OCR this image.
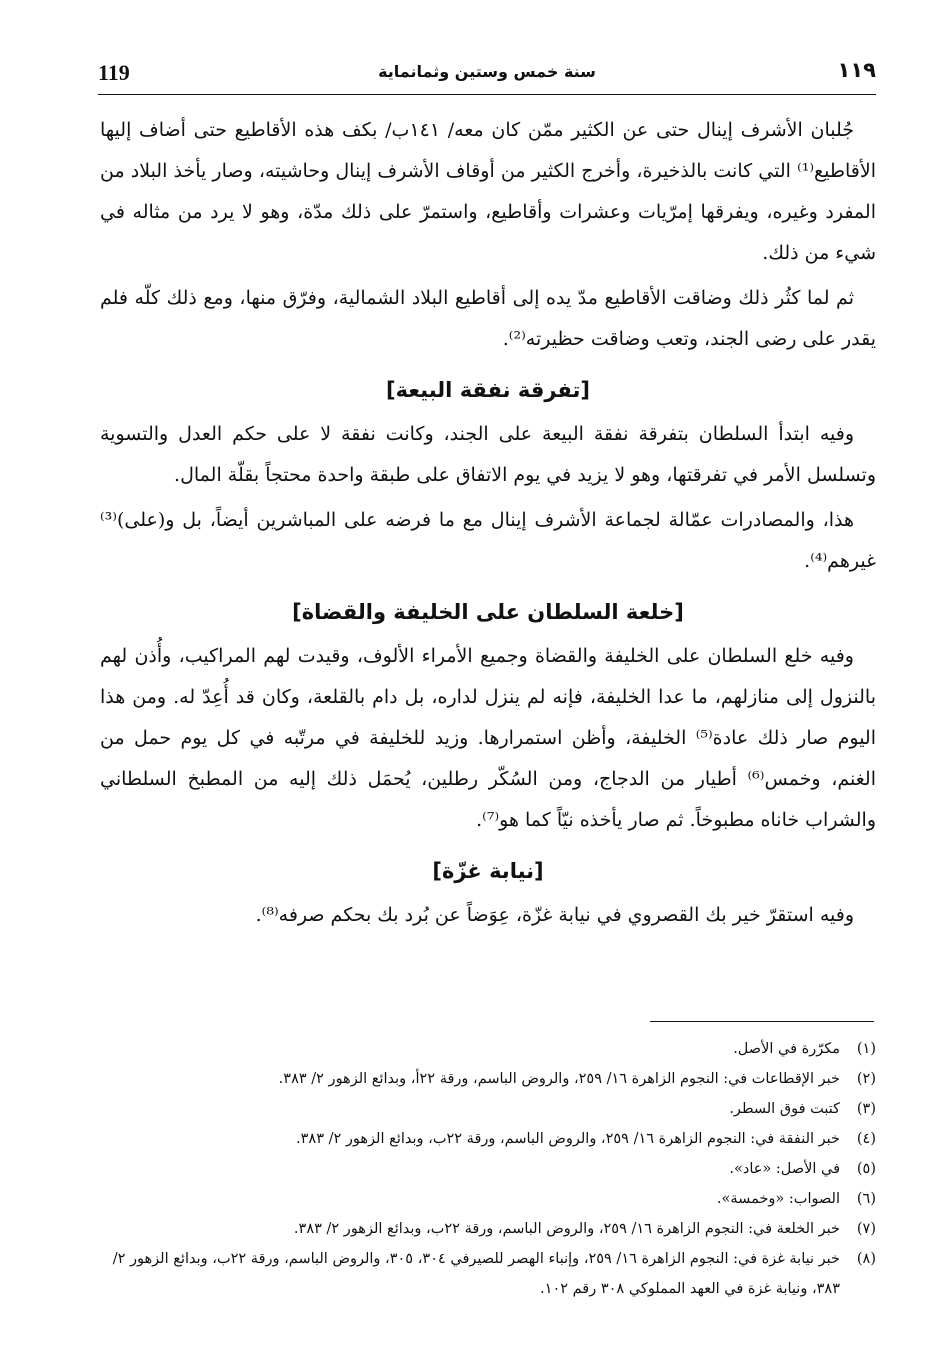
119	سنة خمس وستين وثمانماية	١١٩

جُلبان الأشرف إينال حتى عن الكثير ممّن كان معه/ ١٤١ب/ بكف هذه الأقاطيع حتى أضاف إليها الأقاطيع⁽¹⁾ التي كانت بالذخيرة، وأخرج الكثير من أوقاف الأشرف إينال وحاشيته، وصار يأخذ البلاد من المفرد وغيره، ويفرقها إمرّيات وعشرات وأقاطيع، واستمرّ على ذلك مدّة، وهو لا يرد من مثاله في شيء من ذلك.

ثم لما كثُر ذلك وضاقت الأقاطيع مدّ يده إلى أقاطيع البلاد الشمالية، وفرّق منها، ومع ذلك كلّه فلم يقدر على رضى الجند، وتعب وضاقت حظيرته⁽²⁾.

[تفرقة نفقة البيعة]

وفيه ابتدأ السلطان بتفرقة نفقة البيعة على الجند، وكانت نفقة لا على حكم العدل والتسوية وتسلسل الأمر في تفرقتها، وهو لا يزيد في يوم الاتفاق على طبقة واحدة محتجاً بقلّة المال.

هذا، والمصادرات عمّالة لجماعة الأشرف إينال مع ما فرضه على المباشرين أيضاً، بل و(على)⁽³⁾ غيرهم⁽⁴⁾.

[خلعة السلطان على الخليفة والقضاة]

وفيه خلع السلطان على الخليفة والقضاة وجميع الأمراء الألوف، وقيدت لهم المراكيب، وأُذن لهم بالنزول إلى منازلهم، ما عدا الخليفة، فإنه لم ينزل لداره، بل دام بالقلعة، وكان قد أُعِدّ له. ومن هذا اليوم صار ذلك عادة⁽⁵⁾ الخليفة، وأظن استمرارها. وزيد للخليفة في مرتّبه في كل يوم حمل من الغنم، وخمس⁽⁶⁾ أطيار من الدجاج، ومن السُكّر رطلين، يُحمَل ذلك إليه من المطبخ السلطاني والشراب خاناه مطبوخاً. ثم صار يأخذه نيّاً كما هو⁽⁷⁾.

[نيابة غزّة]

وفيه استقرّ خير بك القصروي في نيابة غزّة، عِوَضاً عن بُرد بك بحكم صرفه⁽⁸⁾.

(١)
مكرّرة في الأصل.
(٢)
خبر الإقطاعات في: النجوم الزاهرة ١٦/ ٢٥٩، والروض الباسم، ورقة ٢٢أ، وبدائع الزهور ٢/ ٣٨٣.
(٣)
كتبت فوق السطر.
(٤)
خبر النفقة في: النجوم الزاهرة ١٦/ ٢٥٩، والروض الباسم، ورقة ٢٢ب، وبدائع الزهور ٢/ ٣٨٣.
(٥)
في الأصل: «عاد».
(٦)
الصواب: «وخمسة».
(٧)
خبر الخلعة في: النجوم الزاهرة ١٦/ ٢٥٩، والروض الباسم، ورقة ٢٢ب، وبدائع الزهور ٢/ ٣٨٣.
(٨)
خبر نيابة غزة في: النجوم الزاهرة ١٦/ ٢٥٩، وإنباء الهصر للصيرفي ٣٠٤، ٣٠٥، والروض الباسم، ورقة ٢٢ب، وبدائع الزهور ٢/ ٣٨٣، ونيابة غزة في العهد المملوكي ٣٠٨ رقم ١٠٢.
